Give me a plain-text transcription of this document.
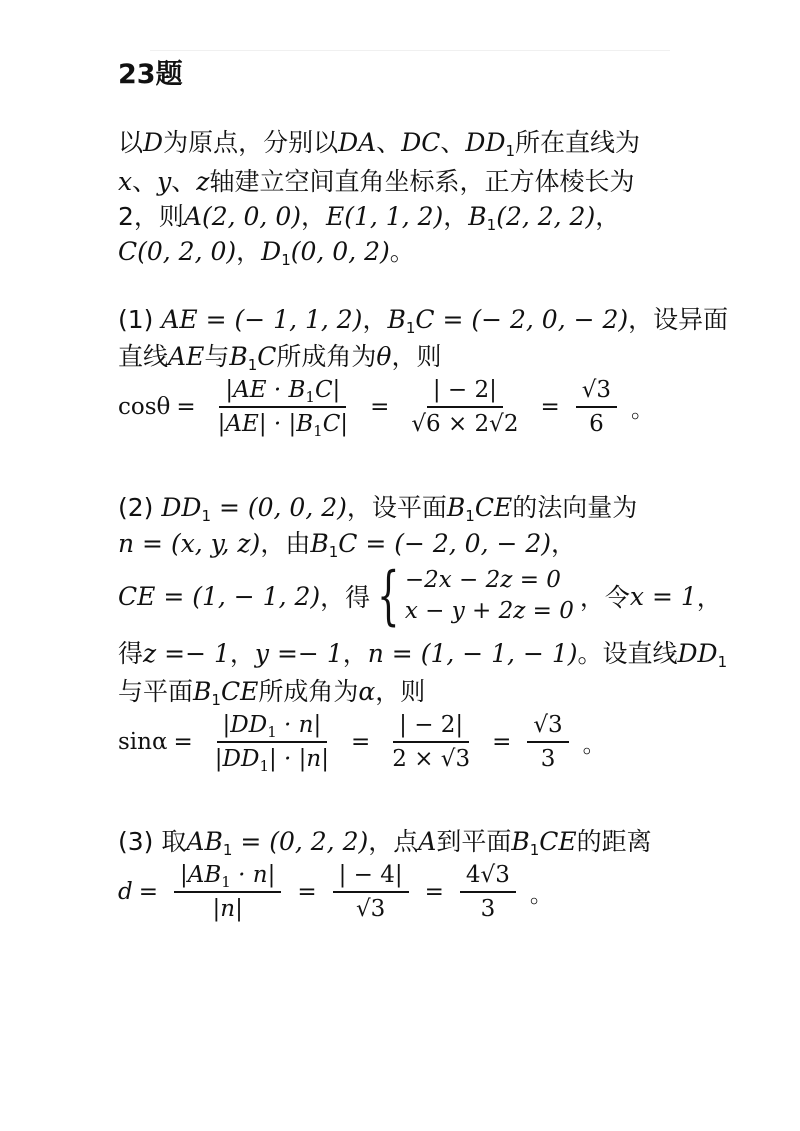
23题
以D为原点，分别以DA、DC、$DD_1$所在直线为
x、y、z轴建立空间直角坐标系，正方体棱长为
2，则A(2, 0, 0)，E(1, 1, 2)，$B_1(2$, 2, 2)，
C(0, 2, 0)，$D_1(0$, 0, 2)。
(1) AE = (− 1, 1, 2)，$B_1C$ = (− 2, 0, − 2)，设异面
直线AE与$B_1C$所成角为θ，则
$\cos\theta = \frac{|AE \cdot B_1C|}{|AE| \cdot |B_1C|} = \frac{| - 2|}{√6 \times 2√2} = \frac{√3}{6}$ 。
(2) $DD_1 = (0$, 0, 2)，设平面$B_1CE$的法向量为
n = (x, y, z)，由$B_1C$ = (− 2, 0, − 2)，
CE = (1, − 1, 2) ，得 { −2x − 2z = 0
x − y + 2z = 0 ，令 x = 1 ，
得z =− 1，y =− 1，n = (1, − 1, − 1)。设直线$DD_1$
与平面$B_1CE$所成角为α，则
$\sin\alpha = \frac{|DD_1 \cdot n|}{|DD_1| \cdot |n|} = \frac{| - 2|}{2 \times √3} = \frac{√3}{3}$ 。
(3) 取$AB_1 = (0$, 2, 2)，点A到平面$B_1CE$的距离
$d = \frac{|AB_1 \cdot n|}{|n|} = \frac{| - 4|}{√3} = \frac{4√3}{3}$ 。
